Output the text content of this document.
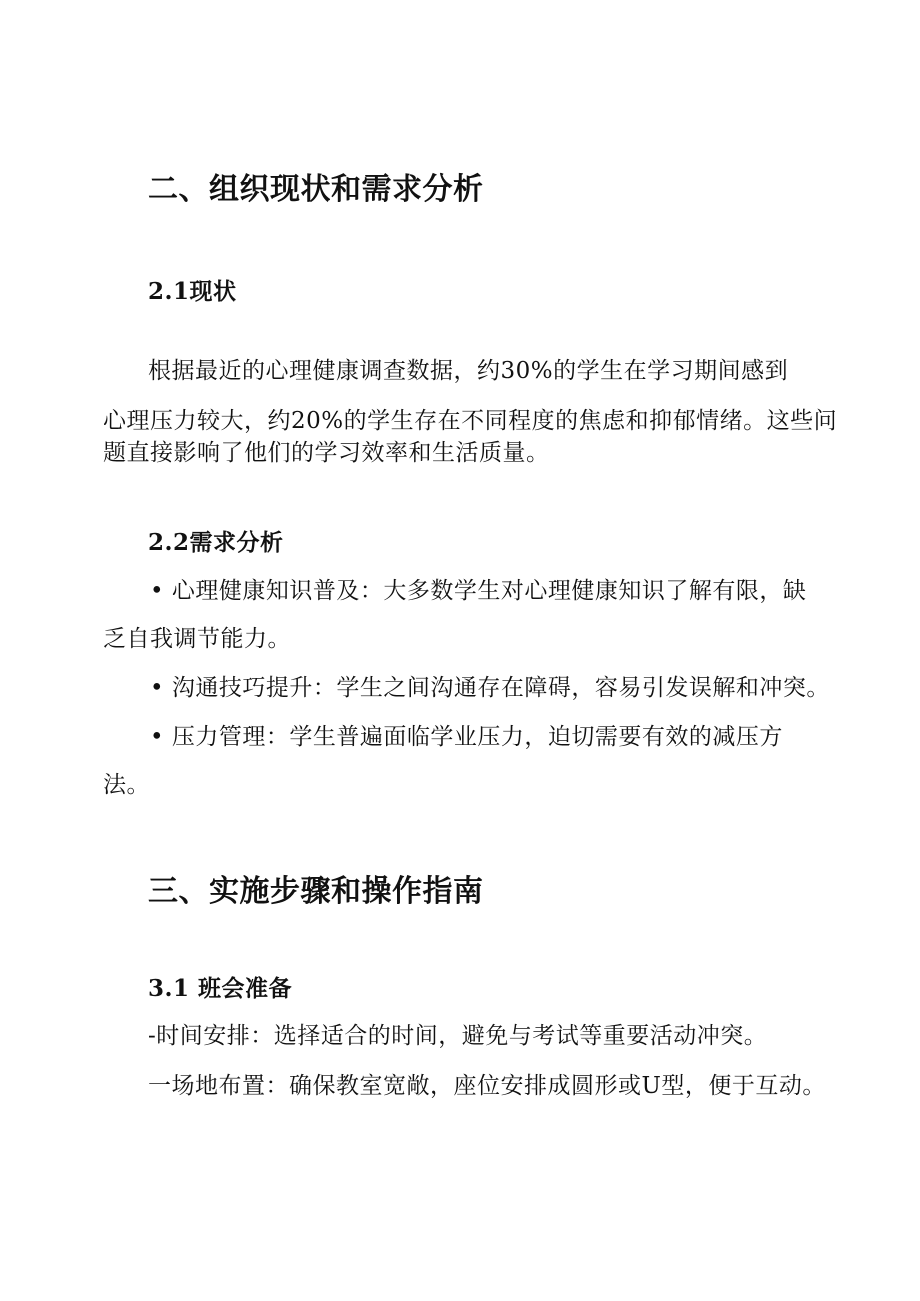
二、组织现状和需求分析
2.1现状

根据最近的心理健康调查数据，约30%的学生在学习期间感到

心理压力较大，约20%的学生存在不同程度的焦虑和抑郁情绪。这些问

题直接影响了他们的学习效率和生活质量。

2.2需求分析

• 心理健康知识普及：大多数学生对心理健康知识了解有限，缺

乏自我调节能力。

• 沟通技巧提升：学生之间沟通存在障碍，容易引发误解和冲突。

• 压力管理：学生普遍面临学业压力，迫切需要有效的减压方

法。

三、实施步骤和操作指南
3.1 班会准备

-时间安排：选择适合的时间，避免与考试等重要活动冲突。

一场地布置：确保教室宽敞，座位安排成圆形或U型，便于互动。
